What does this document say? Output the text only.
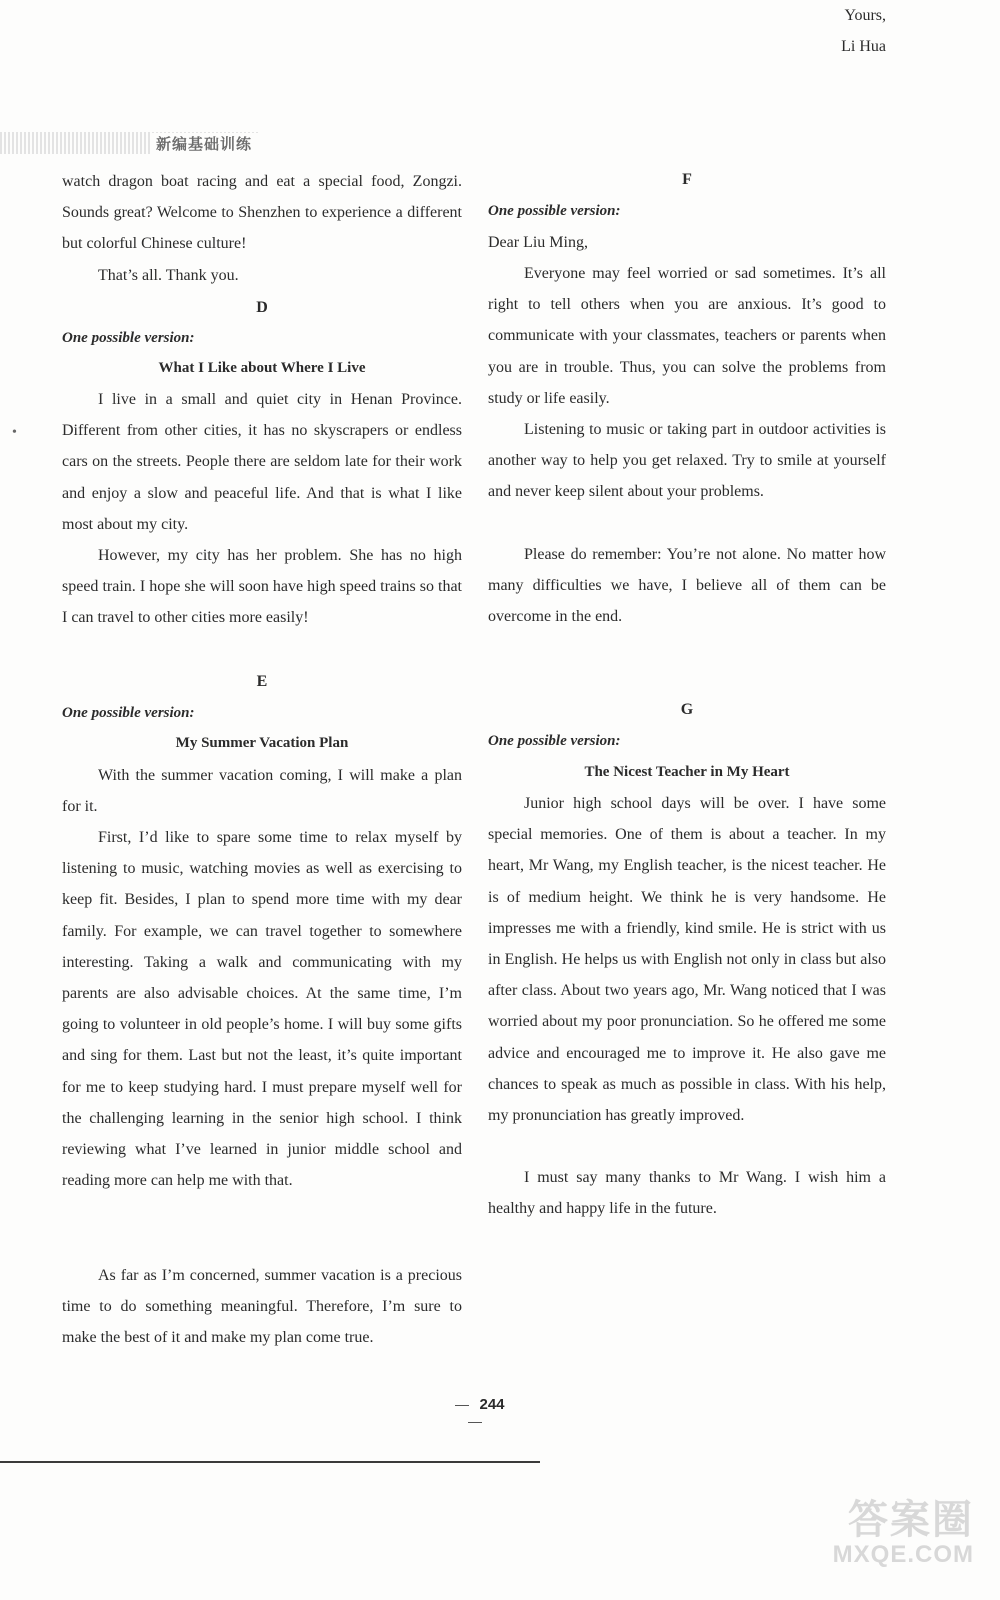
新编基础训练
•

watch dragon boat racing and eat a special food, Zongzi. Sounds great? Welcome to Shenzhen to experience a different but colorful Chinese culture!

That’s all. Thank you.

D
One possible version:
What I Like about Where I Live

I live in a small and quiet city in Henan Province. Different from other cities, it has no skyscrapers or endless cars on the streets. People there are seldom late for their work and enjoy a slow and peaceful life. And that is what I like most about my city.

However, my city has her problem. She has no high speed train. I hope she will soon have high speed trains so that I can travel to other cities more easily!

E
One possible version:
My Summer Vacation Plan

With the summer vacation coming, I will make a plan for it.

First, I’d like to spare some time to relax myself by listening to music, watching movies as well as exercising to keep fit. Besides, I plan to spend more time with my dear family. For example, we can travel together to somewhere interesting. Taking a walk and communicating with my parents are also advisable choices. At the same time, I’m going to volunteer in old people’s home. I will buy some gifts and sing for them. Last but not the least, it’s quite important for me to keep studying hard. I must prepare myself well for the challenging learning in the senior high school. I think reviewing what I’ve learned in junior middle school and reading more can help me with that.

As far as I’m concerned, summer vacation is a precious time to do something meaningful. Therefore, I’m sure to make the best of it and make my plan come true.

F
One possible version:

Dear Liu Ming,

Everyone may feel worried or sad sometimes. It’s all right to tell others when you are anxious. It’s good to communicate with your classmates, teachers or parents when you are in trouble. Thus, you can solve the problems from study or life easily.

Listening to music or taking part in outdoor activities is another way to help you get relaxed. Try to smile at yourself and never keep silent about your problems.

Please do remember: You’re not alone. No matter how many difficulties we have, I believe all of them can be overcome in the end.

Yours,
Li Hua
G
One possible version:
The Nicest Teacher in My Heart

Junior high school days will be over. I have some special memories. One of them is about a teacher. In my heart, Mr Wang, my English teacher, is the nicest teacher. He is of medium height. We think he is very handsome. He impresses me with a friendly, kind smile. He is strict with us in English. He helps us with English not only in class but also after class. About two years ago, Mr. Wang noticed that I was worried about my poor pronunciation. So he offered me some advice and encouraged me to improve it. He also gave me chances to speak as much as possible in class. With his help, my pronunciation has greatly improved.

I must say many thanks to Mr Wang. I wish him a healthy and happy life in the future.

244
答案圈
MXQE.COM
